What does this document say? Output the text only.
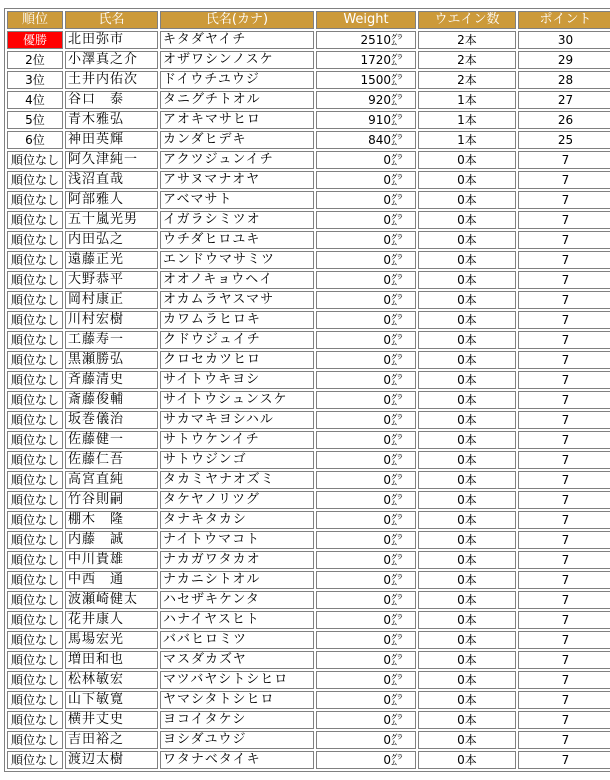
順位	氏名	氏名(カナ)	Weight	ウエイン数	ポイント
優勝	北田弥市	キタダヤイチ	2510㌘	2本	30
2位	小澤真之介	オザワシンノスケ	1720㌘	2本	29
3位	土井内佑次	ドイウチユウジ	1500㌘	2本	28
4位	谷口　泰	タニグチトオル	920㌘	1本	27
5位	青木雅弘	アオキマサヒロ	910㌘	1本	26
6位	神田英輝	カンダヒデキ	840㌘	1本	25
順位なし	阿久津純一	アクツジュンイチ	0㌘	0本	7
順位なし	浅沼直哉	アサヌマナオヤ	0㌘	0本	7
順位なし	阿部雅人	アベマサト	0㌘	0本	7
順位なし	五十嵐光男	イガラシミツオ	0㌘	0本	7
順位なし	内田弘之	ウチダヒロユキ	0㌘	0本	7
順位なし	遠藤正光	エンドウマサミツ	0㌘	0本	7
順位なし	大野恭平	オオノキョウヘイ	0㌘	0本	7
順位なし	岡村康正	オカムラヤスマサ	0㌘	0本	7
順位なし	川村宏樹	カワムラヒロキ	0㌘	0本	7
順位なし	工藤寿一	クドウジュイチ	0㌘	0本	7
順位なし	黒瀬勝弘	クロセカツヒロ	0㌘	0本	7
順位なし	斉藤清史	サイトウキヨシ	0㌘	0本	7
順位なし	斎藤俊輔	サイトウシュンスケ	0㌘	0本	7
順位なし	坂巻儀治	サカマキヨシハル	0㌘	0本	7
順位なし	佐藤健一	サトウケンイチ	0㌘	0本	7
順位なし	佐藤仁吾	サトウジンゴ	0㌘	0本	7
順位なし	高宮直純	タカミヤナオズミ	0㌘	0本	7
順位なし	竹谷則嗣	タケヤノリツグ	0㌘	0本	7
順位なし	棚木　隆	タナキタカシ	0㌘	0本	7
順位なし	内藤　誠	ナイトウマコト	0㌘	0本	7
順位なし	中川貴雄	ナカガワタカオ	0㌘	0本	7
順位なし	中西　通	ナカニシトオル	0㌘	0本	7
順位なし	波瀬崎健太	ハセザキケンタ	0㌘	0本	7
順位なし	花井康人	ハナイヤスヒト	0㌘	0本	7
順位なし	馬場宏光	ババヒロミツ	0㌘	0本	7
順位なし	増田和也	マスダカズヤ	0㌘	0本	7
順位なし	松林敏宏	マツバヤシトシヒロ	0㌘	0本	7
順位なし	山下敏寛	ヤマシタトシヒロ	0㌘	0本	7
順位なし	横井丈史	ヨコイタケシ	0㌘	0本	7
順位なし	吉田裕之	ヨシダユウジ	0㌘	0本	7
順位なし	渡辺太樹	ワタナベタイキ	0㌘	0本	7
